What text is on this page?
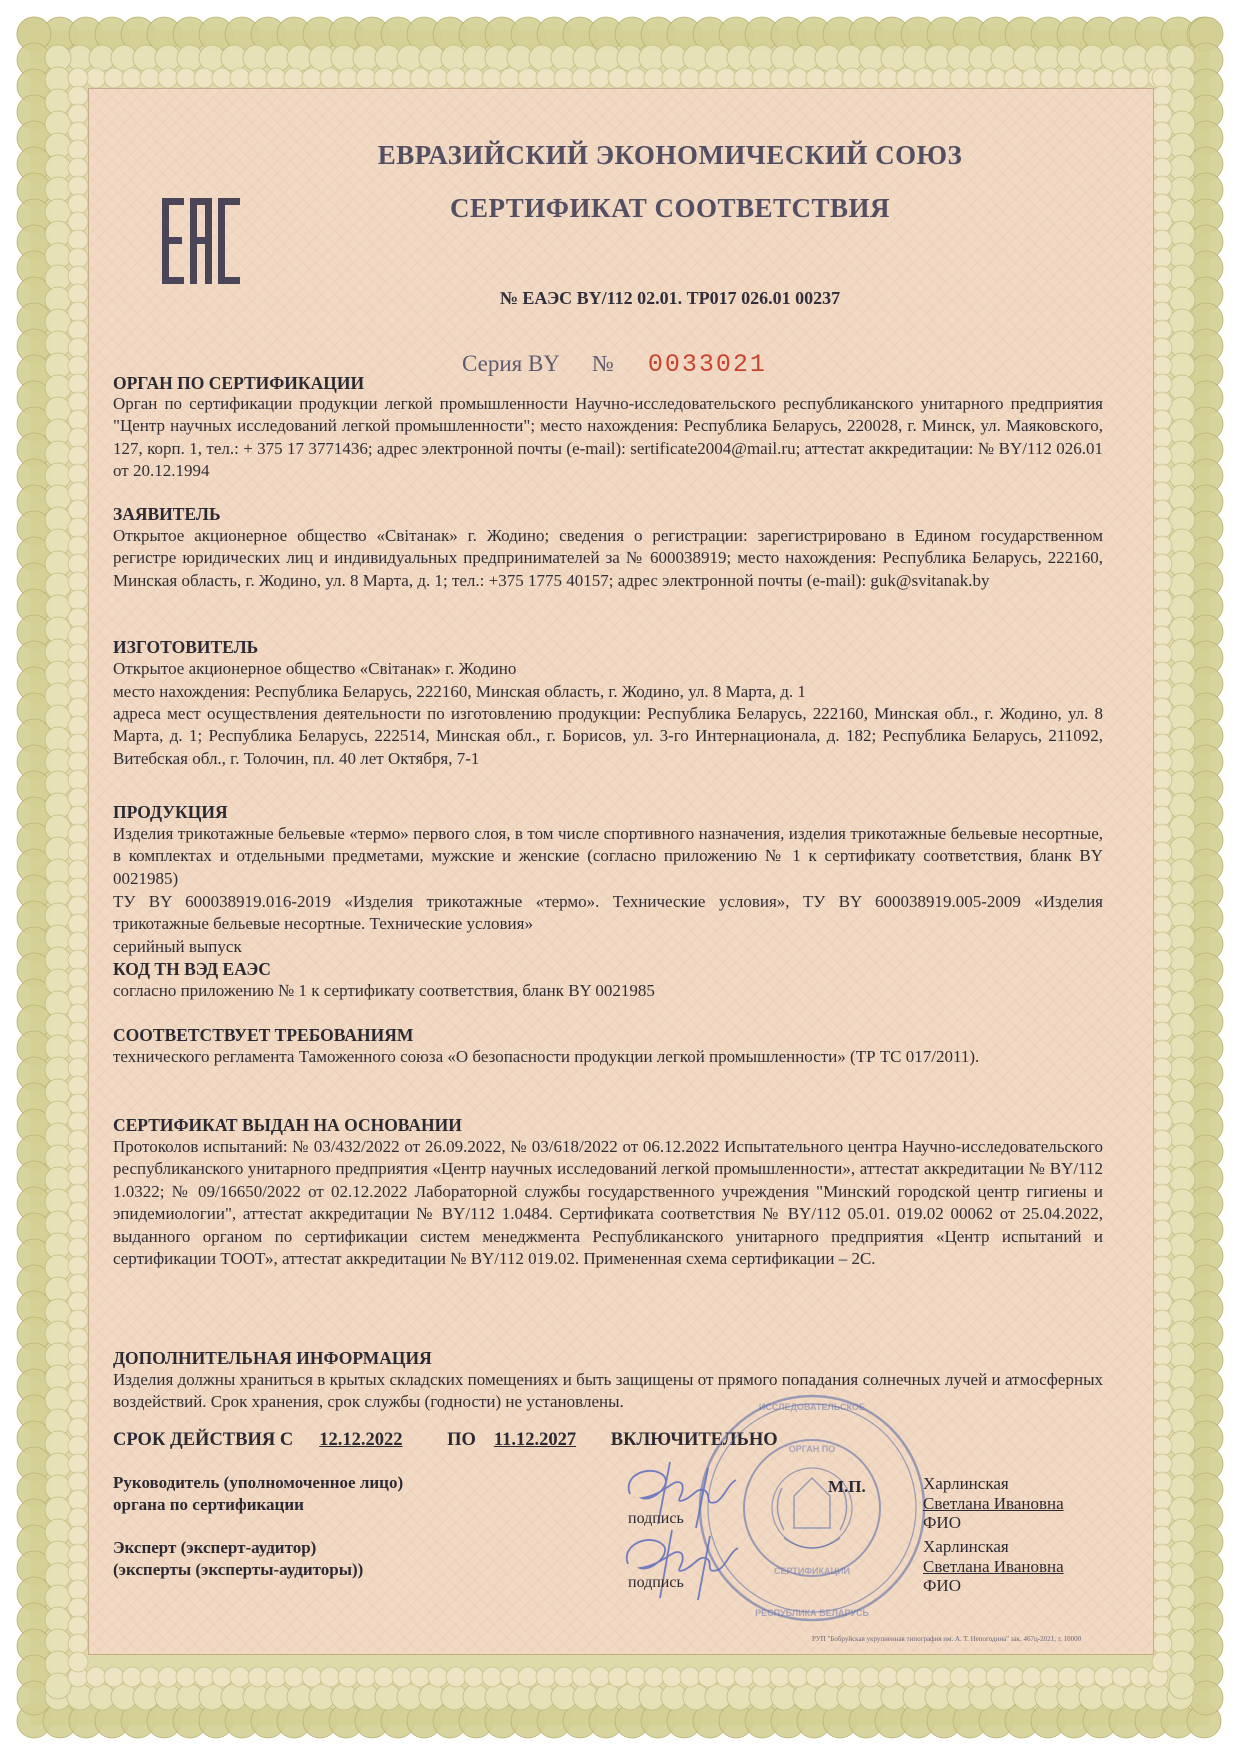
ЕВРАЗИЙСКИЙ ЭКОНОМИЧЕСКИЙ СОЮЗ
СЕРТИФИКАТ СООТВЕТСТВИЯ
№ ЕАЭС BY/112 02.01. ТР017 026.01 00237
Серия BY № 0033021
ОРГАН ПО СЕРТИФИКАЦИИ
Орган по сертификации продукции легкой промышленности Научно-исследовательского республиканского унитарного предприятия "Центр научных исследований легкой промышленности"; место нахождения: Республика Беларусь, 220028, г. Минск, ул. Маяковского, 127, корп. 1, тел.: + 375 17 3771436; адрес электронной почты (e-mail): sertificate2004@mail.ru; аттестат аккредитации: № BY/112 026.01 от 20.12.1994
ЗАЯВИТЕЛЬ
Открытое акционерное общество «Світанак» г. Жодино; сведения о регистрации: зарегистрировано в Едином государственном регистре юридических лиц и индивидуальных предпринимателей за № 600038919; место нахождения: Республика Беларусь, 222160, Минская область, г. Жодино, ул. 8 Марта, д. 1; тел.: +375 1775 40157; адрес электронной почты (e-mail): guk@svitanak.by
ИЗГОТОВИТЕЛЬ
Открытое акционерное общество «Світанак» г. Жодино
место нахождения: Республика Беларусь, 222160, Минская область, г. Жодино, ул. 8 Марта, д. 1
адреса мест осуществления деятельности по изготовлению продукции: Республика Беларусь, 222160, Минская обл., г. Жодино, ул. 8 Марта, д. 1; Республика Беларусь, 222514, Минская обл., г. Борисов, ул. 3-го Интернационала, д. 182; Республика Беларусь, 211092, Витебская обл., г. Толочин, пл. 40 лет Октября, 7-1
ПРОДУКЦИЯ
Изделия трикотажные бельевые «термо» первого слоя, в том числе спортивного назначения, изделия трикотажные бельевые несортные, в комплектах и отдельными предметами, мужские и женские (согласно приложению № 1 к сертификату соответствия, бланк BY 0021985)
ТУ BY 600038919.016-2019 «Изделия трикотажные «термо». Технические условия», ТУ BY 600038919.005-2009 «Изделия трикотажные бельевые несортные. Технические условия»
серийный выпуск
КОД ТН ВЭД ЕАЭС
согласно приложению № 1 к сертификату соответствия, бланк BY 0021985
СООТВЕТСТВУЕТ ТРЕБОВАНИЯМ
технического регламента Таможенного союза «О безопасности продукции легкой промышленности» (ТР ТС 017/2011).
СЕРТИФИКАТ ВЫДАН НА ОСНОВАНИИ
Протоколов испытаний: № 03/432/2022 от 26.09.2022, № 03/618/2022 от 06.12.2022 Испытательного центра Научно-исследовательского республиканского унитарного предприятия «Центр научных исследований легкой промышленности», аттестат аккредитации № BY/112 1.0322; № 09/16650/2022 от 02.12.2022 Лабораторной службы государственного учреждения "Минский городской центр гигиены и эпидемиологии", аттестат аккредитации № BY/112 1.0484. Сертификата соответствия № BY/112 05.01. 019.02 00062 от 25.04.2022, выданного органом по сертификации систем менеджмента Республиканского унитарного предприятия «Центр испытаний и сертификации ТООТ», аттестат аккредитации № BY/112 019.02. Примененная схема сертификации – 2С.
ДОПОЛНИТЕЛЬНАЯ ИНФОРМАЦИЯ
Изделия должны храниться в крытых складских помещениях и быть защищены от прямого попадания солнечных лучей и атмосферных воздействий. Срок хранения, срок службы (годности) не установлены.
СРОК ДЕЙСТВИЯ С 12.12.2022 ПО 11.12.2027 ВКЛЮЧИТЕЛЬНО
ИССЛЕДОВАТЕЛЬСКОЕ
РЕСПУБЛИКА БЕЛАРУСЬ
ОРГАН ПО
СЕРТИФИКАЦИИ
Руководитель (уполномоченное лицо)
органа по сертификации
Эксперт (эксперт-аудитор)
(эксперты (эксперты-аудиторы))
подпись
подпись
М.П.	Харлинская
Светлана Ивановна
ФИО
Харлинская
Светлана Ивановна
ФИО
РУП "Бобруйская укрупненная типография им. А. Т. Непогодина" зак. 467ц-2021, т. 10000
